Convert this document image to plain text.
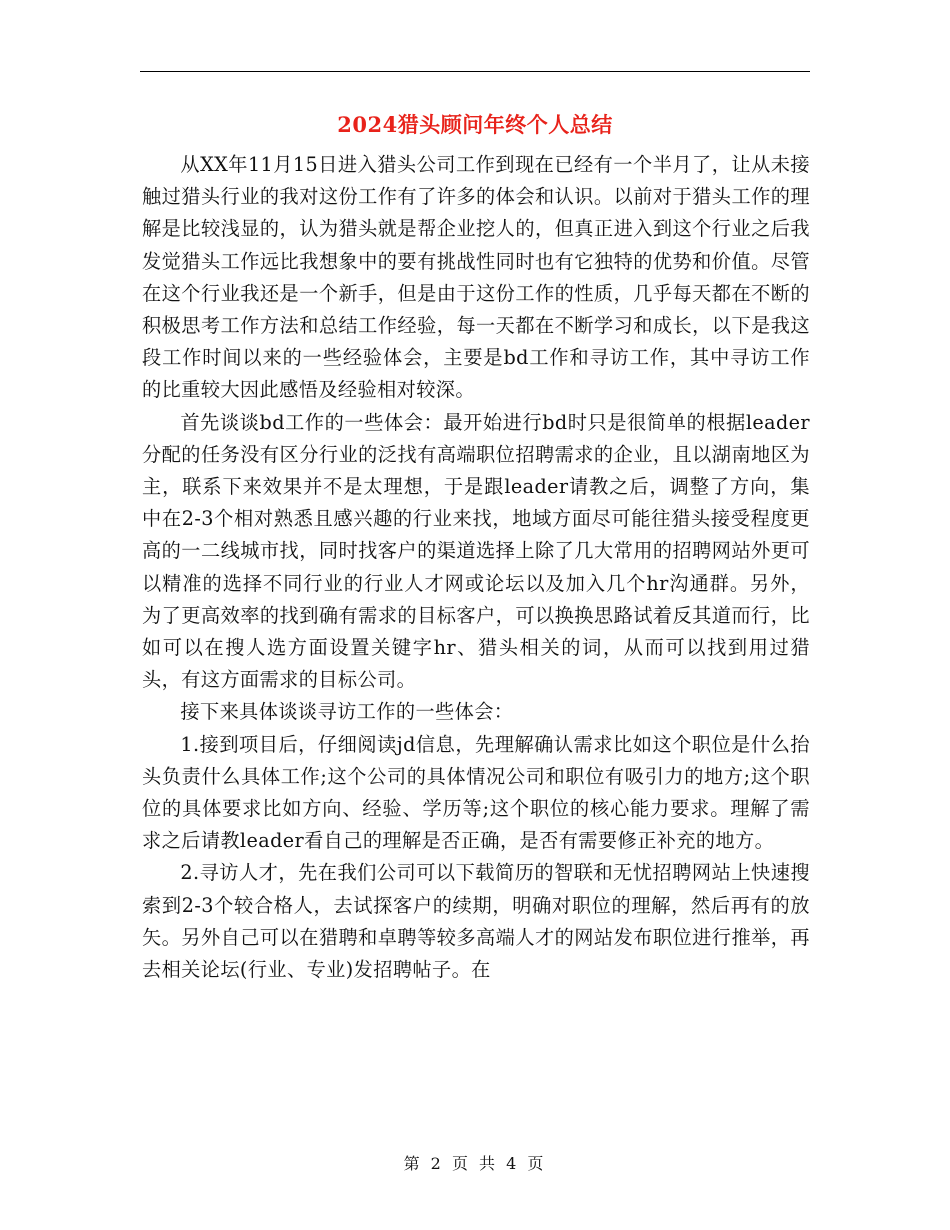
2024猎头顾问年终个人总结

从XX年11月15日进入猎头公司工作到现在已经有一个半月了，让从未接触过猎头行业的我对这份工作有了许多的体会和认识。以前对于猎头工作的理解是比较浅显的，认为猎头就是帮企业挖人的，但真正进入到这个行业之后我发觉猎头工作远比我想象中的要有挑战性同时也有它独特的优势和价值。尽管在这个行业我还是一个新手，但是由于这份工作的性质，几乎每天都在不断的积极思考工作方法和总结工作经验，每一天都在不断学习和成长，以下是我这段工作时间以来的一些经验体会，主要是bd工作和寻访工作，其中寻访工作的比重较大因此感悟及经验相对较深。

首先谈谈bd工作的一些体会：最开始进行bd时只是很简单的根据leader分配的任务没有区分行业的泛找有高端职位招聘需求的企业，且以湖南地区为主，联系下来效果并不是太理想，于是跟leader请教之后，调整了方向，集中在2-3个相对熟悉且感兴趣的行业来找，地域方面尽可能往猎头接受程度更高的一二线城市找，同时找客户的渠道选择上除了几大常用的招聘网站外更可以精准的选择不同行业的行业人才网或论坛以及加入几个hr沟通群。另外，为了更高效率的找到确有需求的目标客户，可以换换思路试着反其道而行，比如可以在搜人选方面设置关键字hr、猎头相关的词，从而可以找到用过猎头，有这方面需求的目标公司。

接下来具体谈谈寻访工作的一些体会：

1.接到项目后，仔细阅读jd信息，先理解确认需求比如这个职位是什么抬头负责什么具体工作;这个公司的具体情况公司和职位有吸引力的地方;这个职位的具体要求比如方向、经验、学历等;这个职位的核心能力要求。理解了需求之后请教leader看自己的理解是否正确，是否有需要修正补充的地方。

2.寻访人才，先在我们公司可以下载简历的智联和无忧招聘网站上快速搜索到2-3个较合格人，去试探客户的续期，明确对职位的理解，然后再有的放矢。另外自己可以在猎聘和卓聘等较多高端人才的网站发布职位进行推举，再去相关论坛(行业、专业)发招聘帖子。在

第 2 页 共 4 页
